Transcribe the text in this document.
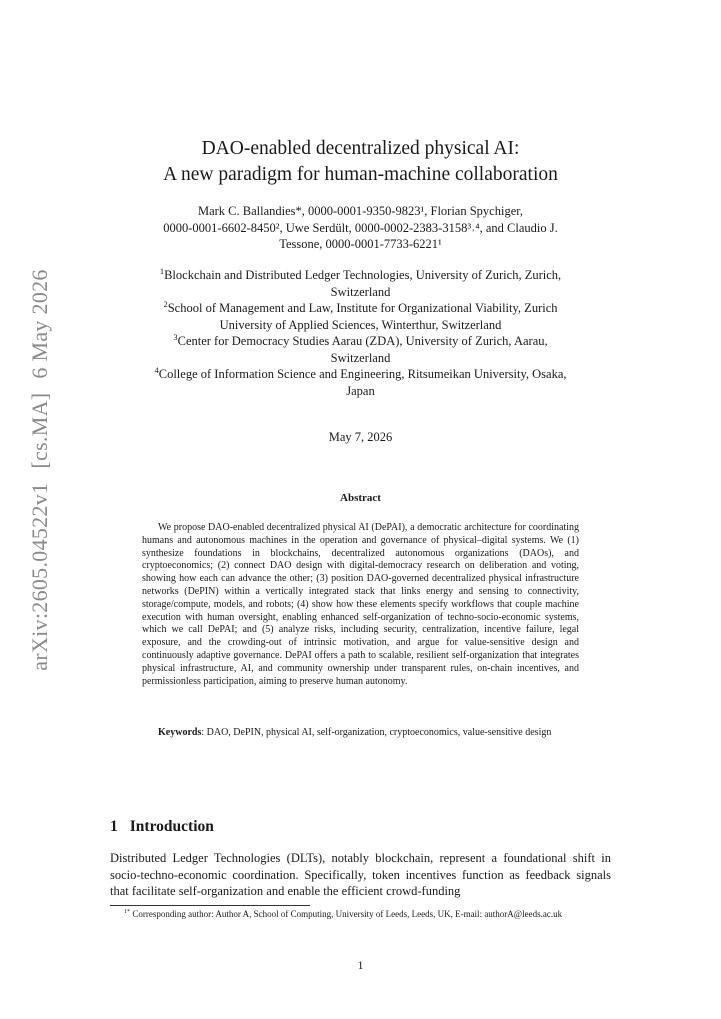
arXiv:2605.04522v1[cs.MA]6 May 2026
DAO-enabled decentralized physical AI:
A new paradigm for human-machine collaboration
Mark C. Ballandies*, 0000-0001-9350-9823¹, Florian Spychiger,
0000-0001-6602-8450², Uwe Serdült, 0000-0002-2383-3158³˒⁴, and Claudio J.
Tessone, 0000-0001-7733-6221¹
$^1$Blockchain and Distributed Ledger Technologies, University of Zurich, Zurich,
Switzerland
$^2$School of Management and Law, Institute for Organizational Viability, Zurich
University of Applied Sciences, Winterthur, Switzerland
$^3$Center for Democracy Studies Aarau (ZDA), University of Zurich, Aarau,
Switzerland
$^4$College of Information Science and Engineering, Ritsumeikan University, Osaka,
Japan
May 7, 2026
Abstract
We propose DAO-enabled decentralized physical AI (DePAI), a democratic architecture for coordinating humans and autonomous machines in the operation and governance of physical–digital systems. We (1) synthesize foundations in blockchains, decentralized autonomous organizations (DAOs), and cryptoeconomics; (2) connect DAO design with digital-democracy research on deliberation and voting, showing how each can advance the other; (3) position DAO-governed decentralized physical infrastructure networks (DePIN) within a vertically integrated stack that links energy and sensing to connectivity, storage/compute, models, and robots; (4) show how these elements specify workflows that couple machine execution with human oversight, enabling enhanced self-organization of techno-socio-economic systems, which we call DePAI; and (5) analyze risks, including security, centralization, incentive failure, legal exposure, and the crowding-out of intrinsic motivation, and argue for value-sensitive design and continuously adaptive governance. DePAI offers a path to scalable, resilient self-organization that integrates physical infrastructure, AI, and community ownership under transparent rules, on-chain incentives, and permissionless participation, aiming to preserve human autonomy.
Keywords: DAO, DePIN, physical AI, self-organization, cryptoeconomics, value-sensitive design
1 Introduction
Distributed Ledger Technologies (DLTs), notably blockchain, represent a foundational shift in socio-techno-economic coordination. Specifically, token incentives function as feedback signals that facilitate self-organization and enable the efficient crowd-funding
$^{1*}$ Corresponding author: Author A, School of Computing, University of Leeds, Leeds, UK, E-mail: authorA@leeds.ac.uk
1
